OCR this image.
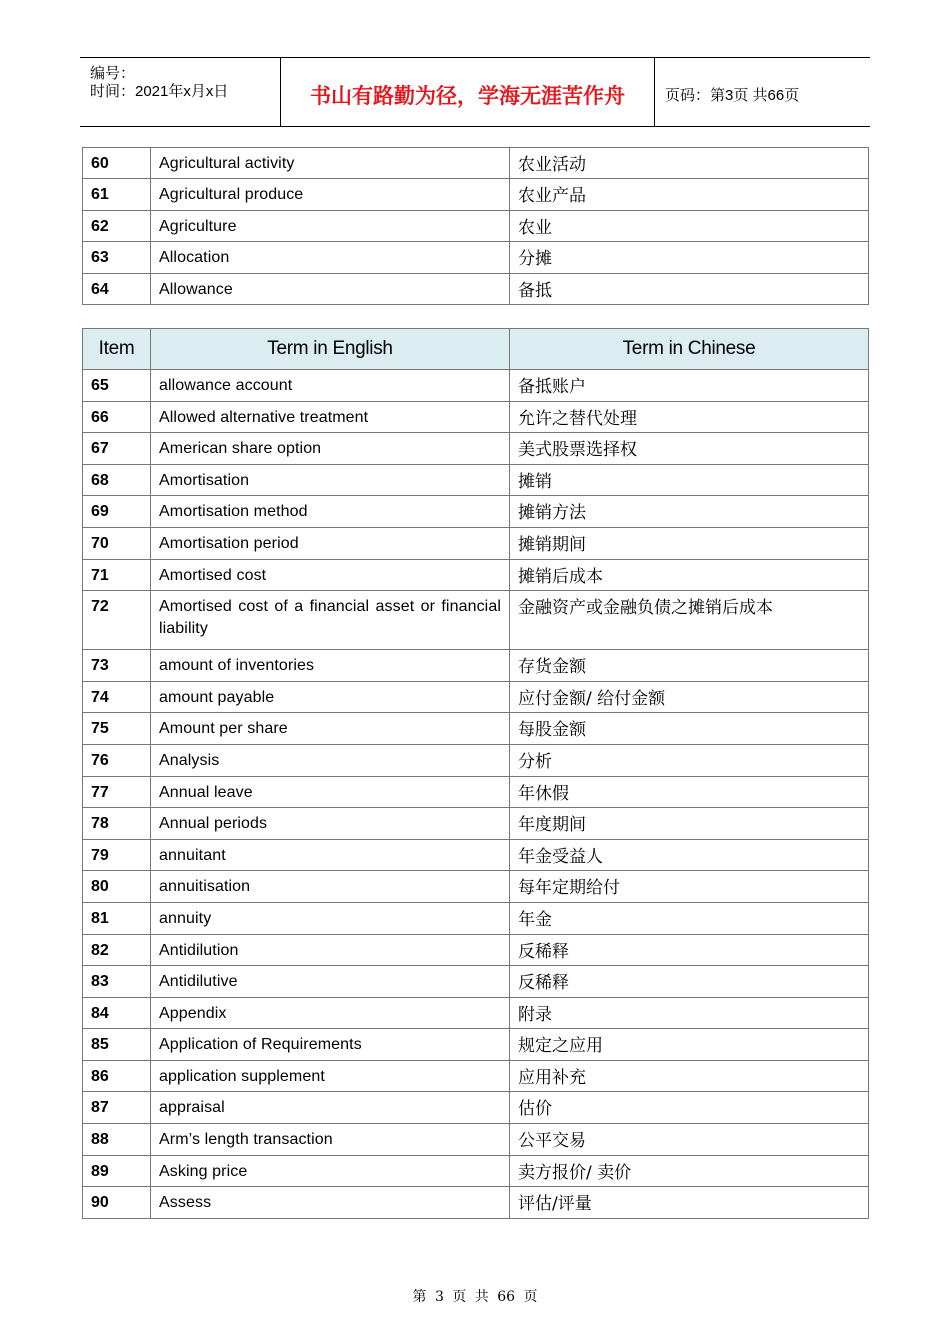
编号：
时间：2021年x月x日	书山有路勤为径，学海无涯苦作舟	页码：第3页 共66页
60	Agricultural activity	农业活动
61	Agricultural produce	农业产品
62	Agriculture	农业
63	Allocation	分摊
64	Allowance	备抵
Item	Term in English	Term in Chinese
65	allowance account	备抵账户
66	Allowed alternative treatment	允许之替代处理
67	American share option	美式股票选择权
68	Amortisation	摊销
69	Amortisation method	摊销方法
70	Amortisation period	摊销期间
71	Amortised cost	摊销后成本
72	Amortised cost of a financial asset or financial liability	金融资产或金融负债之摊销后成本
73	amount of inventories	存货金额
74	amount payable	应付金额/ 给付金额
75	Amount per share	每股金额
76	Analysis	分析
77	Annual leave	年休假
78	Annual periods	年度期间
79	annuitant	年金受益人
80	annuitisation	每年定期给付
81	annuity	年金
82	Antidilution	反稀释
83	Antidilutive	反稀释
84	Appendix	附录
85	Application of Requirements	规定之应用
86	application supplement	应用补充
87	appraisal	估价
88	Arm’s length transaction	公平交易
89	Asking price	卖方报价/ 卖价
90	Assess	评估/评量
第 3 页 共 66 页
